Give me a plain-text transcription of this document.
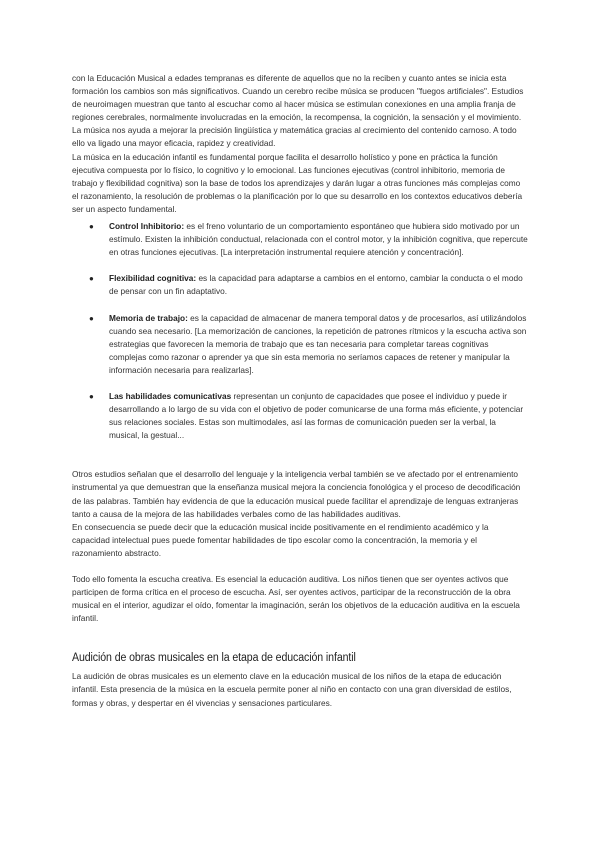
con la Educación Musical a edades tempranas es diferente de aquellos que no la reciben y cuanto antes se inicia esta formación los cambios son más significativos. Cuando un cerebro recibe música se producen "fuegos artificiales". Estudios de neuroimagen muestran que tanto al escuchar como al hacer música se estimulan conexiones en una amplia franja de regiones cerebrales, normalmente involucradas en la emoción, la recompensa, la cognición, la sensación y el movimiento. La música nos ayuda a mejorar la precisión lingüística y matemática gracias al crecimiento del contenido carnoso. A todo ello va ligado una mayor eficacia, rapidez y creatividad.

La música en la educación infantil es fundamental porque facilita el desarrollo holístico y pone en práctica la función ejecutiva compuesta por lo físico, lo cognitivo y lo emocional. Las funciones ejecutivas (control inhibitorio, memoria de trabajo y flexibilidad cognitiva) son la base de todos los aprendizajes y darán lugar a otras funciones más complejas como el razonamiento, la resolución de problemas o la planificación por lo que su desarrollo en los contextos educativos debería ser un aspecto fundamental.

● Control Inhibitorio: es el freno voluntario de un comportamiento espontáneo que hubiera sido motivado por un estímulo. Existen la inhibición conductual, relacionada con el control motor, y la inhibición cognitiva, que repercute en otras funciones ejecutivas. [La interpretación instrumental requiere atención y concentración].
● Flexibilidad cognitiva: es la capacidad para adaptarse a cambios en el entorno, cambiar la conducta o el modo de pensar con un fin adaptativo.
● Memoria de trabajo: es la capacidad de almacenar de manera temporal datos y de procesarlos, así utilizándolos cuando sea necesario. [La memorización de canciones, la repetición de patrones rítmicos y la escucha activa son estrategias que favorecen la memoria de trabajo que es tan necesaria para completar tareas cognitivas complejas como razonar o aprender ya que sin esta memoria no seríamos capaces de retener y manipular la información necesaria para realizarlas].
● Las habilidades comunicativas representan un conjunto de capacidades que posee el individuo y puede ir desarrollando a lo largo de su vida con el objetivo de poder comunicarse de una forma más eficiente, y potenciar sus relaciones sociales. Estas son multimodales, así las formas de comunicación pueden ser la verbal, la musical, la gestual...

Otros estudios señalan que el desarrollo del lenguaje y la inteligencia verbal también se ve afectado por el entrenamiento instrumental ya que demuestran que la enseñanza musical mejora la conciencia fonológica y el proceso de decodificación de las palabras. También hay evidencia de que la educación musical puede facilitar el aprendizaje de lenguas extranjeras tanto a causa de la mejora de las habilidades verbales como de las habilidades auditivas.

En consecuencia se puede decir que la educación musical incide positivamente en el rendimiento académico y la capacidad intelectual pues puede fomentar habilidades de tipo escolar como la concentración, la memoria y el razonamiento abstracto.

Todo ello fomenta la escucha creativa. Es esencial la educación auditiva. Los niños tienen que ser oyentes activos que participen de forma crítica en el proceso de escucha. Así, ser oyentes activos, participar de la reconstrucción de la obra musical en el interior, agudizar el oído, fomentar la imaginación, serán los objetivos de la educación auditiva en la escuela infantil.

Audición de obras musicales en la etapa de educación infantil

La audición de obras musicales es un elemento clave en la educación musical de los niños de la etapa de educación infantil. Esta presencia de la música en la escuela permite poner al niño en contacto con una gran diversidad de estilos, formas y obras, y despertar en él vivencias y sensaciones particulares.
